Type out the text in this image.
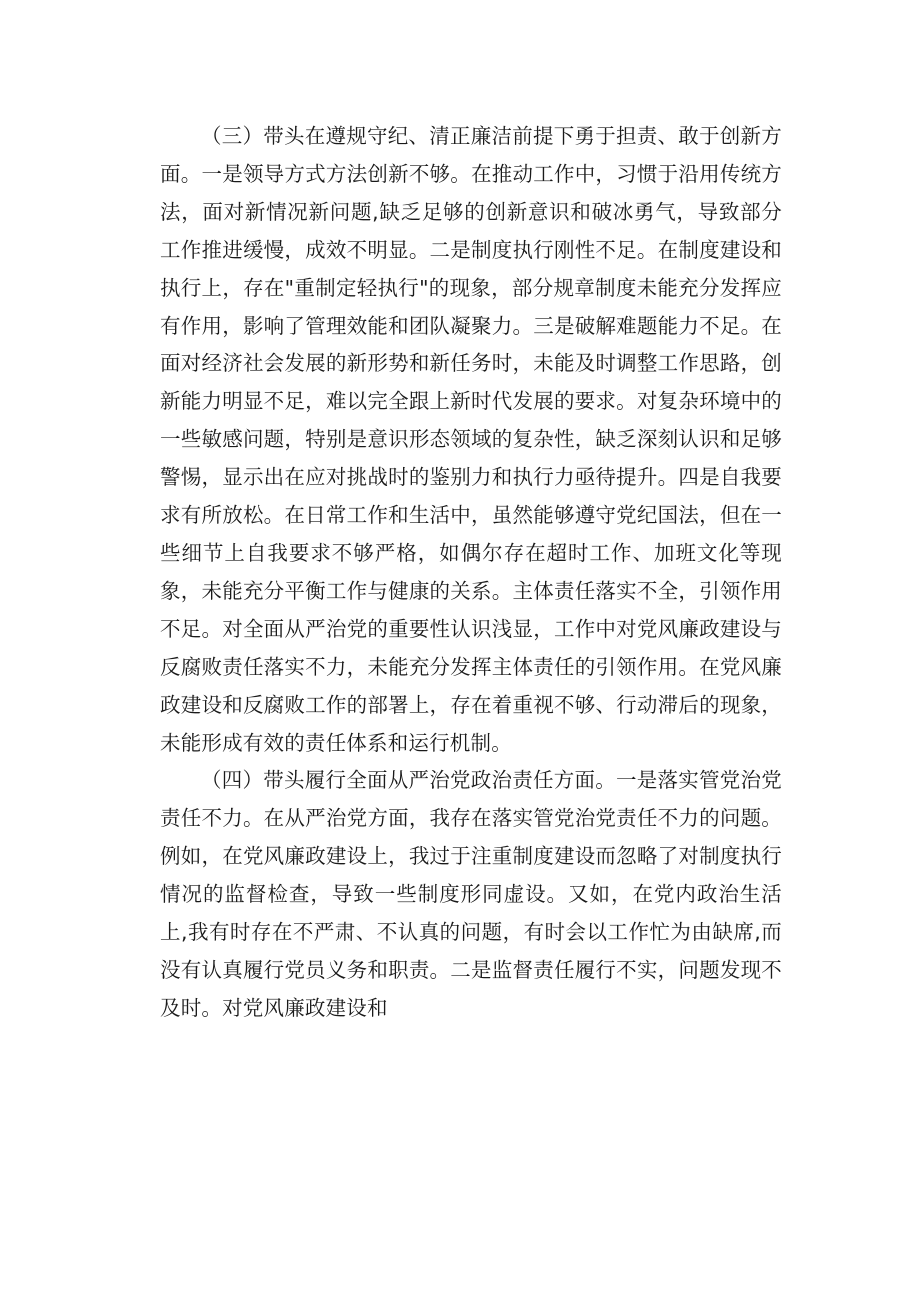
（三）带头在遵规守纪、清正廉洁前提下勇于担责、敢于创新方面。一是领导方式方法创新不够。在推动工作中，习惯于沿用传统方法，面对新情况新问题,缺乏足够的创新意识和破冰勇气，导致部分工作推进缓慢，成效不明显。二是制度执行刚性不足。在制度建设和执行上，存在"重制定轻执行"的现象，部分规章制度未能充分发挥应有作用，影响了管理效能和团队凝聚力。三是破解难题能力不足。在面对经济社会发展的新形势和新任务时，未能及时调整工作思路，创新能力明显不足，难以完全跟上新时代发展的要求。对复杂环境中的一些敏感问题，特别是意识形态领域的复杂性，缺乏深刻认识和足够警惕，显示出在应对挑战时的鉴别力和执行力亟待提升。四是自我要求有所放松。在日常工作和生活中，虽然能够遵守党纪国法，但在一些细节上自我要求不够严格，如偶尔存在超时工作、加班文化等现象，未能充分平衡工作与健康的关系。主体责任落实不全，引领作用不足。对全面从严治党的重要性认识浅显，工作中对党风廉政建设与反腐败责任落实不力，未能充分发挥主体责任的引领作用。在党风廉政建设和反腐败工作的部署上，存在着重视不够、行动滞后的现象，未能形成有效的责任体系和运行机制。

（四）带头履行全面从严治党政治责任方面。一是落实管党治党责任不力。在从严治党方面，我存在落实管党治党责任不力的问题。例如，在党风廉政建设上，我过于注重制度建设而忽略了对制度执行情况的监督检查，导致一些制度形同虚设。又如，在党内政治生活上,我有时存在不严肃、不认真的问题，有时会以工作忙为由缺席,而没有认真履行党员义务和职责。二是监督责任履行不实，问题发现不及时。对党风廉政建设和
